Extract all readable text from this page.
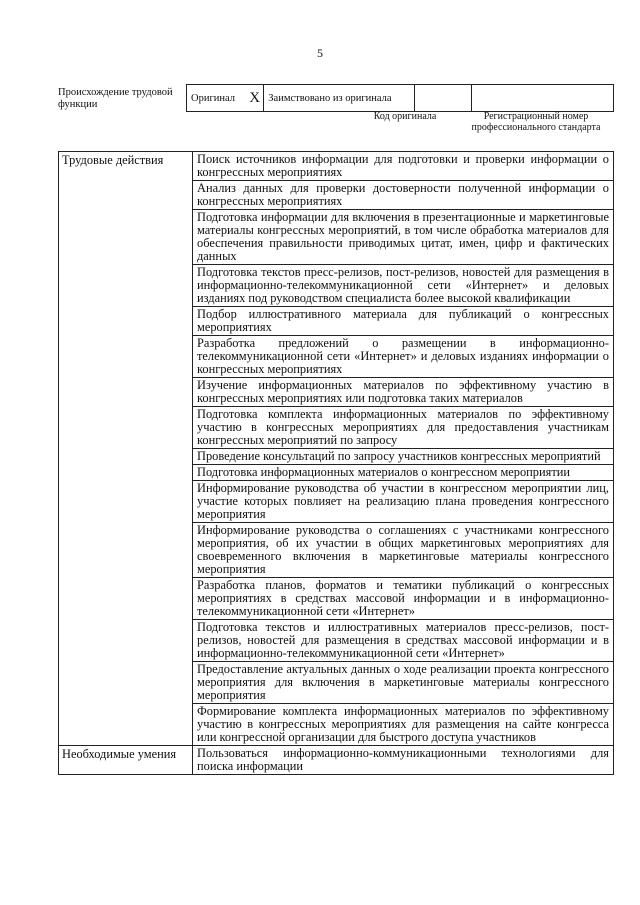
5
Происхождение трудовой функции
Оригинал	X	Заимствовано из оригинала		
Код оригинала	Регистрационный номер профессионального стандарта
Трудовые действия	Поиск источников информации для подготовки и проверки информации о конгрессных мероприятиях
	Анализ данных для проверки достоверности полученной информации о конгрессных мероприятиях
	Подготовка информации для включения в презентационные и маркетинговые материалы конгрессных мероприятий, в том числе обработка материалов для обеспечения правильности приводимых цитат, имен, цифр и фактических данных
	Подготовка текстов пресс-релизов, пост-релизов, новостей для размещения в информационно-телекоммуникационной сети «Интернет» и деловых изданиях под руководством специалиста более высокой квалификации
	Подбор иллюстративного материала для публикаций о конгрессных мероприятиях
	Разработка предложений о размещении в информационно-телекоммуникационной сети «Интернет» и деловых изданиях информации о конгрессных мероприятиях
	Изучение информационных материалов по эффективному участию в конгрессных мероприятиях или подготовка таких материалов
	Подготовка комплекта информационных материалов по эффективному участию в конгрессных мероприятиях для предоставления участникам конгрессных мероприятий по запросу
	Проведение консультаций по запросу участников конгрессных мероприятий
	Подготовка информационных материалов о конгрессном мероприятии
	Информирование руководства об участии в конгрессном мероприятии лиц, участие которых повлияет на реализацию плана проведения конгрессного мероприятия
	Информирование руководства о соглашениях с участниками конгрессного мероприятия, об их участии в общих маркетинговых мероприятиях для своевременного включения в маркетинговые материалы конгрессного мероприятия
	Разработка планов, форматов и тематики публикаций о конгрессных мероприятиях в средствах массовой информации и в информационно-телекоммуникационной сети «Интернет»
	Подготовка текстов и иллюстративных материалов пресс-релизов, пост-релизов, новостей для размещения в средствах массовой информации и в информационно-телекоммуникационной сети «Интернет»
	Предоставление актуальных данных о ходе реализации проекта конгрессного мероприятия для включения в маркетинговые материалы конгрессного мероприятия
	Формирование комплекта информационных материалов по эффективному участию в конгрессных мероприятиях для размещения на сайте конгресса или конгрессной организации для быстрого доступа участников
Необходимые умения	Пользоваться информационно-коммуникационными технологиями для поиска информации
